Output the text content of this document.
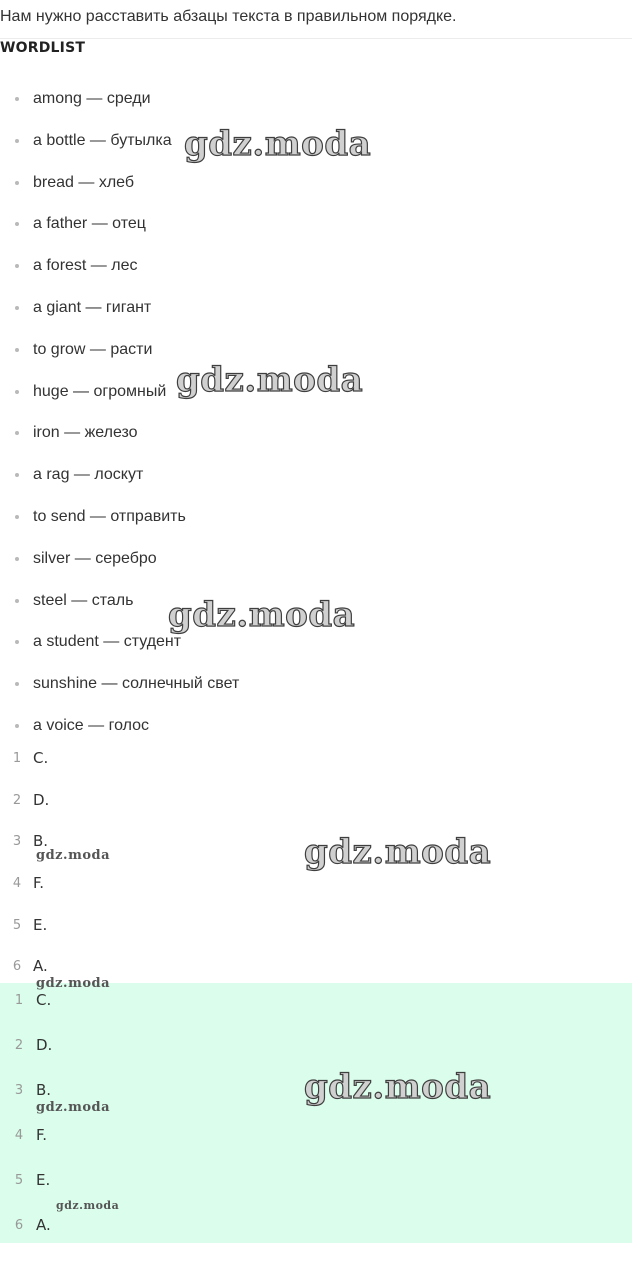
Нам нужно расставить абзацы текста в правильном порядке.
WORDLIST
among — среди
a bottle — бутылка
bread — хлеб
a father — отец
a forest — лес
a giant — гигант
to grow — расти
huge — огромный
iron — железо
a rag — лоскут
to send — отправить
silver — серебро
steel — сталь
a student — студент
sunshine — солнечный свет
a voice — голос
1 C.
2 D.
3 B.
4 F.
5 E.
6 A.
1 C.
2 D.
3 B.
4 F.
5 E.
6 A.
gdz.moda
gdz.moda
gdz.moda
gdz.moda
gdz.moda
gdz.moda
gdz.moda
gdz.moda
gdz.moda
